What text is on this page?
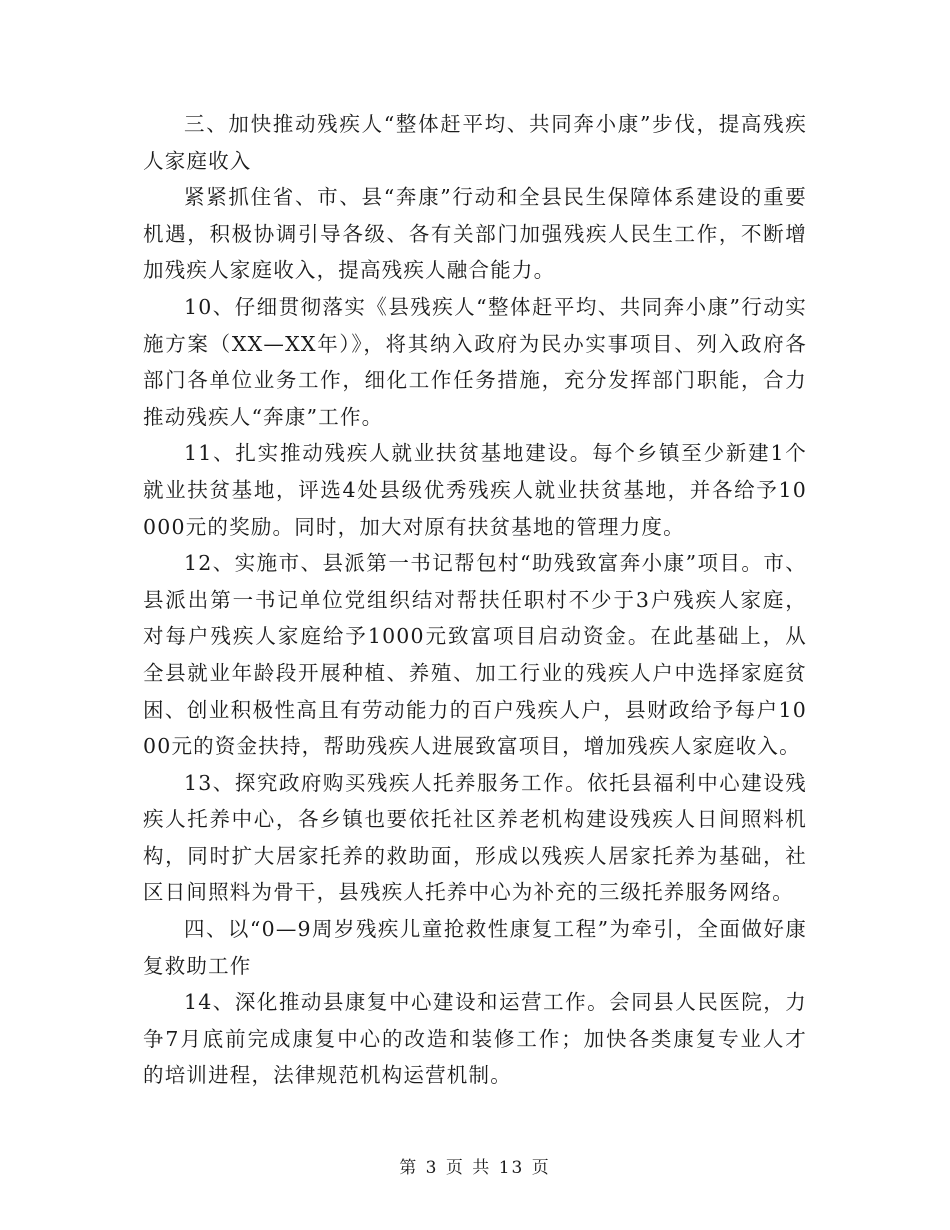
三、加快推动残疾人“整体赶平均、共同奔小康”步伐，提高残疾人家庭收入

紧紧抓住省、市、县“奔康”行动和全县民生保障体系建设的重要机遇，积极协调引导各级、各有关部门加强残疾人民生工作，不断增加残疾人家庭收入，提高残疾人融合能力。

10、仔细贯彻落实《县残疾人“整体赶平均、共同奔小康”行动实施方案（XX—XX年）》，将其纳入政府为民办实事项目、列入政府各部门各单位业务工作，细化工作任务措施，充分发挥部门职能，合力推动残疾人“奔康”工作。

11、扎实推动残疾人就业扶贫基地建设。每个乡镇至少新建1个就业扶贫基地，评选4处县级优秀残疾人就业扶贫基地，并各给予10000元的奖励。同时，加大对原有扶贫基地的管理力度。

12、实施市、县派第一书记帮包村“助残致富奔小康”项目。市、县派出第一书记单位党组织结对帮扶任职村不少于3户残疾人家庭，对每户残疾人家庭给予1000元致富项目启动资金。在此基础上，从全县就业年龄段开展种植、养殖、加工行业的残疾人户中选择家庭贫困、创业积极性高且有劳动能力的百户残疾人户，县财政给予每户1000元的资金扶持，帮助残疾人进展致富项目，增加残疾人家庭收入。

13、探究政府购买残疾人托养服务工作。依托县福利中心建设残疾人托养中心，各乡镇也要依托社区养老机构建设残疾人日间照料机构，同时扩大居家托养的救助面，形成以残疾人居家托养为基础，社区日间照料为骨干，县残疾人托养中心为补充的三级托养服务网络。

四、以“0—9周岁残疾儿童抢救性康复工程”为牵引，全面做好康复救助工作

14、深化推动县康复中心建设和运营工作。会同县人民医院，力争7月底前完成康复中心的改造和装修工作；加快各类康复专业人才的培训进程，法律规范机构运营机制。

第 3 页 共 13 页
